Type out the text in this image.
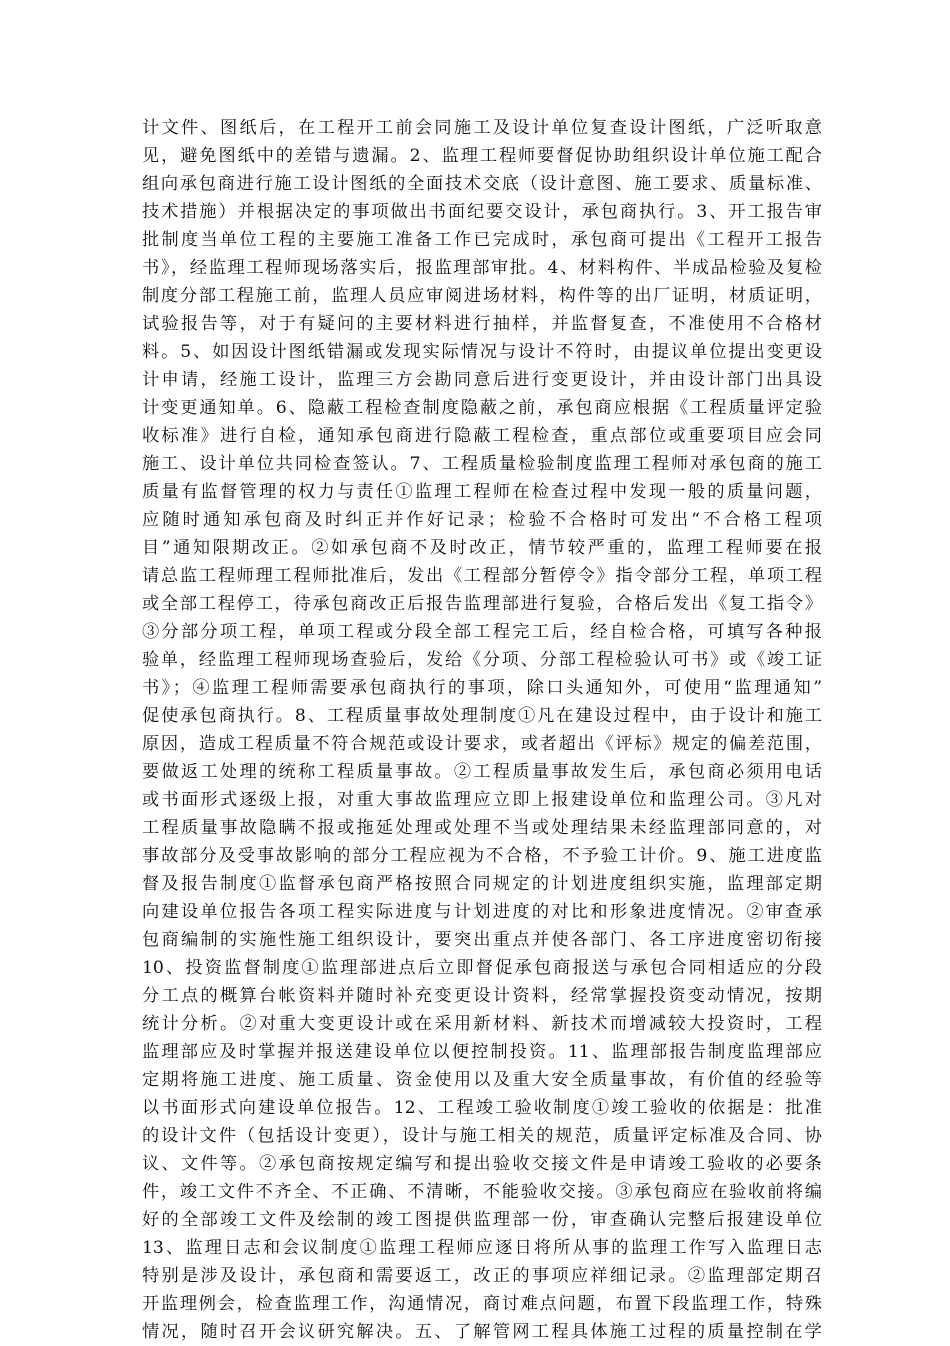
计文件、图纸后，在工程开工前会同施工及设计单位复查设计图纸，广泛听取意
见，避免图纸中的差错与遗漏。2、监理工程师要督促协助组织设计单位施工配合
组向承包商进行施工设计图纸的全面技术交底（设计意图、施工要求、质量标准、
技术措施）并根据决定的事项做出书面纪要交设计，承包商执行。3、开工报告审
批制度当单位工程的主要施工准备工作已完成时，承包商可提出《工程开工报告
书》，经监理工程师现场落实后，报监理部审批。4、材料构件、半成品检验及复检
制度分部工程施工前，监理人员应审阅进场材料，构件等的出厂证明，材质证明，
试验报告等，对于有疑问的主要材料进行抽样，并监督复查，不准使用不合格材
料。5、如因设计图纸错漏或发现实际情况与设计不符时，由提议单位提出变更设
计申请，经施工设计，监理三方会勘同意后进行变更设计，并由设计部门出具设
计变更通知单。6、隐蔽工程检查制度隐蔽之前，承包商应根据《工程质量评定验
收标准》进行自检，通知承包商进行隐蔽工程检查，重点部位或重要项目应会同
施工、设计单位共同检查签认。7、工程质量检验制度监理工程师对承包商的施工
质量有监督管理的权力与责任①监理工程师在检查过程中发现一般的质量问题，
应随时通知承包商及时纠正并作好记录；检验不合格时可发出“不合格工程项
目”通知限期改正。②如承包商不及时改正，情节较严重的，监理工程师要在报
请总监工程师理工程师批准后，发出《工程部分暂停令》指令部分工程，单项工程
或全部工程停工，待承包商改正后报告监理部进行复验，合格后发出《复工指令》
③分部分项工程，单项工程或分段全部工程完工后，经自检合格，可填写各种报
验单，经监理工程师现场查验后，发给《分项、分部工程检验认可书》或《竣工证
书》；④监理工程师需要承包商执行的事项，除口头通知外，可使用“监理通知”
促使承包商执行。8、工程质量事故处理制度①凡在建设过程中，由于设计和施工
原因，造成工程质量不符合规范或设计要求，或者超出《评标》规定的偏差范围，
要做返工处理的统称工程质量事故。②工程质量事故发生后，承包商必须用电话
或书面形式逐级上报，对重大事故监理应立即上报建设单位和监理公司。③凡对
工程质量事故隐瞒不报或拖延处理或处理不当或处理结果未经监理部同意的，对
事故部分及受事故影响的部分工程应视为不合格，不予验工计价。9、施工进度监
督及报告制度①监督承包商严格按照合同规定的计划进度组织实施，监理部定期
向建设单位报告各项工程实际进度与计划进度的对比和形象进度情况。②审查承
包商编制的实施性施工组织设计，要突出重点并使各部门、各工序进度密切衔接
10、投资监督制度①监理部进点后立即督促承包商报送与承包合同相适应的分段
分工点的概算台帐资料并随时补充变更设计资料，经常掌握投资变动情况，按期
统计分析。②对重大变更设计或在采用新材料、新技术而增减较大投资时，工程
监理部应及时掌握并报送建设单位以便控制投资。11、监理部报告制度监理部应
定期将施工进度、施工质量、资金使用以及重大安全质量事故，有价值的经验等
以书面形式向建设单位报告。12、工程竣工验收制度①竣工验收的依据是：批准
的设计文件（包括设计变更），设计与施工相关的规范，质量评定标准及合同、协
议、文件等。②承包商按规定编写和提出验收交接文件是申请竣工验收的必要条
件，竣工文件不齐全、不正确、不清晰，不能验收交接。③承包商应在验收前将编
好的全部竣工文件及绘制的竣工图提供监理部一份，审查确认完整后报建设单位
13、监理日志和会议制度①监理工程师应逐日将所从事的监理工作写入监理日志
特别是涉及设计，承包商和需要返工，改正的事项应祥细记录。②监理部定期召
开监理例会，检查监理工作，沟通情况，商讨难点问题，布置下段监理工作，特殊
情况，随时召开会议研究解决。五、了解管网工程具体施工过程的质量控制在学
